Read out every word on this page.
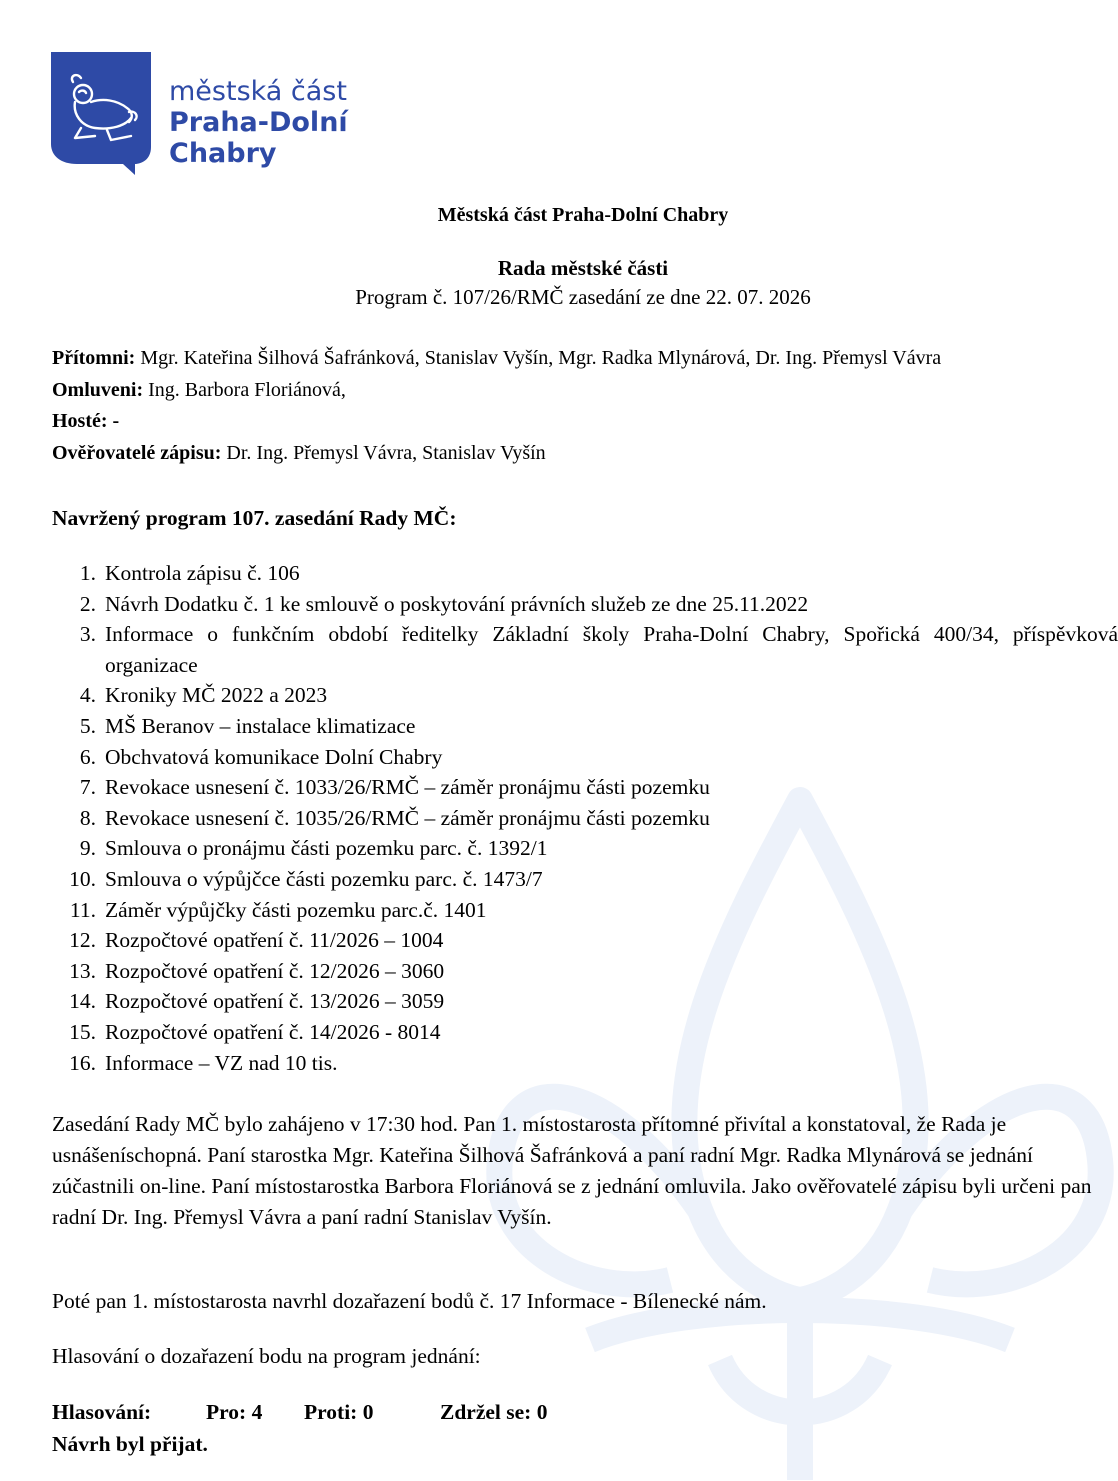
městská část
Praha-Dolní Chabry
Městská část Praha-Dolní Chabry
Rada městské části
Program č. 107/26/RMČ zasedání ze dne 22. 07. 2026
Přítomni: Mgr. Kateřina Šilhová Šafránková, Stanislav Vyšín, Mgr. Radka Mlynárová, Dr. Ing. Přemysl Vávra
Omluveni: Ing. Barbora Floriánová,
Hosté: -
Ověřovatelé zápisu: Dr. Ing. Přemysl Vávra, Stanislav Vyšín
Navržený program 107. zasedání Rady MČ:
1. Kontrola zápisu č. 106
2. Návrh Dodatku č. 1 ke smlouvě o poskytování právních služeb ze dne 25.11.2022
3. Informace o funkčním období ředitelky Základní školy Praha-Dolní Chabry, Spořická 400/34, příspěvková organizace
4. Kroniky MČ 2022 a 2023
5. MŠ Beranov – instalace klimatizace
6. Obchvatová komunikace Dolní Chabry
7. Revokace usnesení č. 1033/26/RMČ – záměr pronájmu části pozemku
8. Revokace usnesení č. 1035/26/RMČ – záměr pronájmu části pozemku
9. Smlouva o pronájmu části pozemku parc. č. 1392/1
10. Smlouva o výpůjčce části pozemku parc. č. 1473/7
11. Záměr výpůjčky části pozemku parc.č. 1401
12. Rozpočtové opatření č. 11/2026 – 1004
13. Rozpočtové opatření č. 12/2026 – 3060
14. Rozpočtové opatření č. 13/2026 – 3059
15. Rozpočtové opatření č. 14/2026 - 8014
16. Informace – VZ nad 10 tis.
Zasedání Rady MČ bylo zahájeno v 17:30 hod. Pan 1. místostarosta přítomné přivítal a konstatoval, že Rada je usnášeníschopná. Paní starostka Mgr. Kateřina Šilhová Šafránková a paní radní Mgr. Radka Mlynárová se jednání zúčastnili on-line. Paní místostarostka Barbora Floriánová se z jednání omluvila. Jako ověřovatelé zápisu byli určeni pan radní Dr. Ing. Přemysl Vávra a paní radní Stanislav Vyšín.
Poté pan 1. místostarosta navrhl dozařazení bodů č. 17 Informace - Bílenecké nám.
Hlasování o dozařazení bodu na program jednání:
Hlasování:	Pro: 4 Proti: 0	Zdržel se: 0
Návrh byl přijat.
